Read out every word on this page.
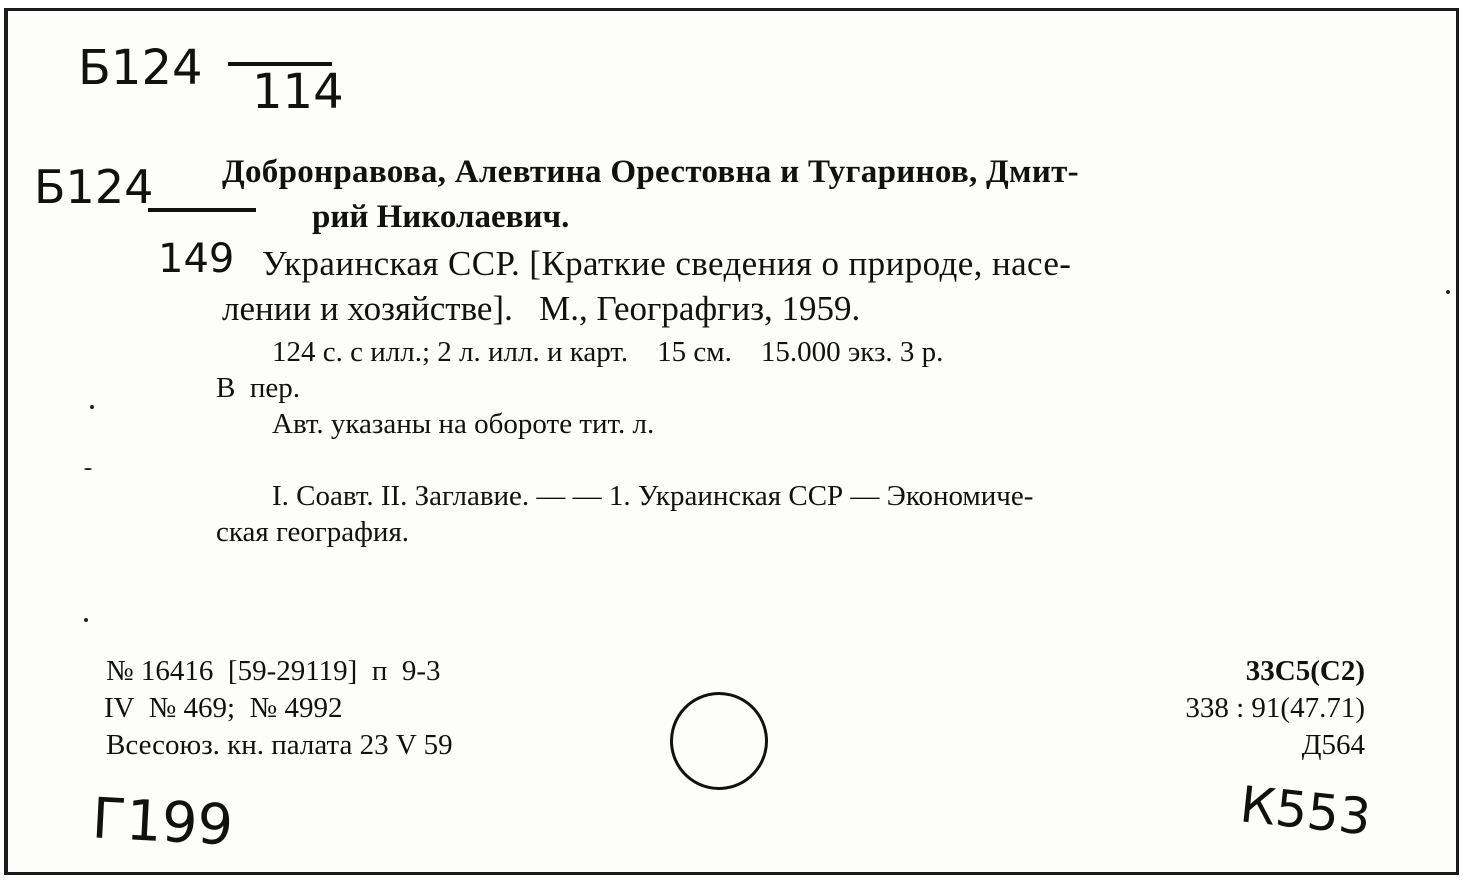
Б124 114
Б124
149
Добронравова, Алевтина Орестовна и Тугаринов, Дмит-
рий Николаевич.
Украинская ССР. [Краткие сведения о природе, насе-
лении и хозяйстве].   М., Географгиз, 1959.
124 с. с илл.; 2 л. илл. и карт.    15 см.    15.000 экз. 3 р.
В  пер.
Авт. указаны на обороте тит. л.
I. Соавт. II. Заглавие. — — 1. Украинская ССР — Экономиче-
ская география.
№ 16416  [59-29119]  п  9-3
IV  № 469;  № 4992
Всесоюз. кн. палата 23 V 59
33С5(С2)
338 : 91(47.71)
Д564
Г199	К553
